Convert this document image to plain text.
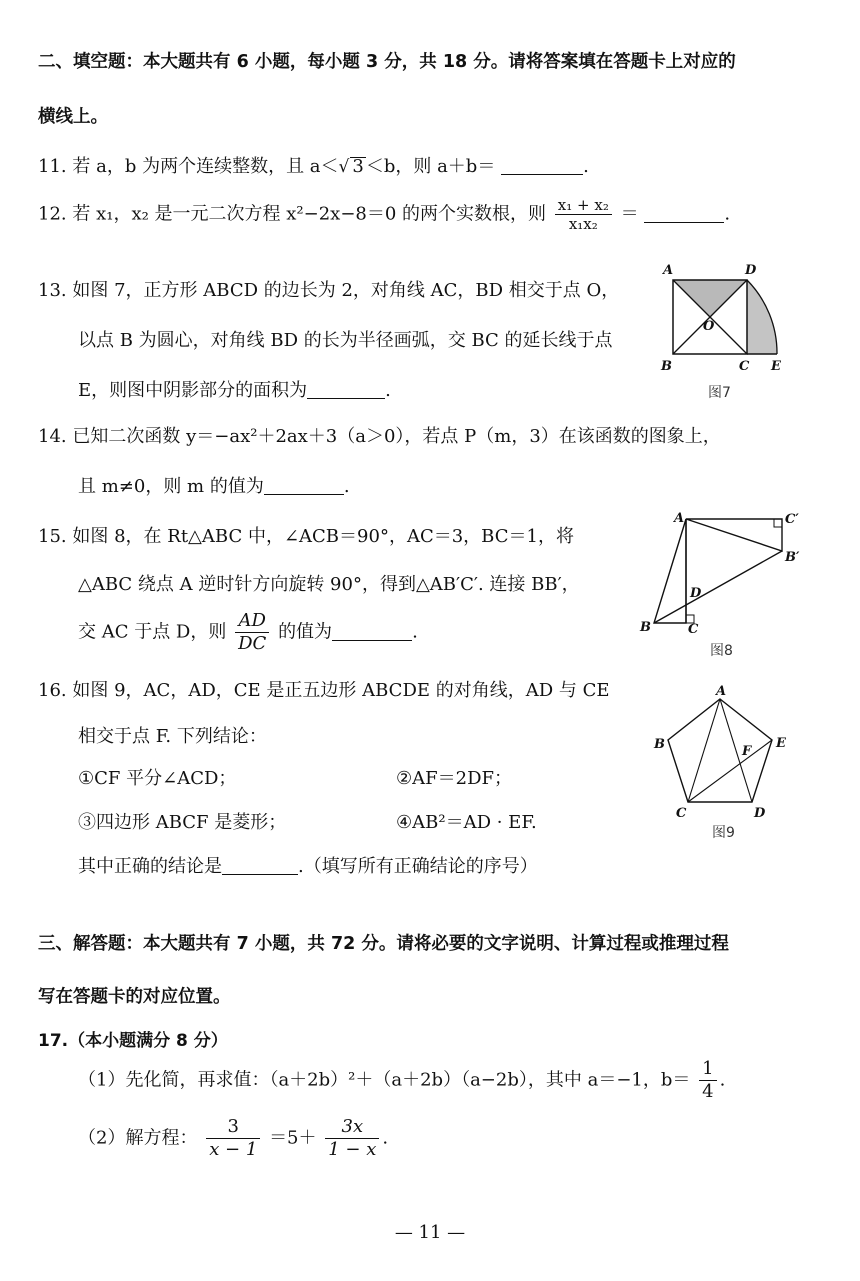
二、填空题：本大题共有 6 小题，每小题 3 分，共 18 分。请将答案填在答题卡上对应的
横线上。
11. 若 a，b 为两个连续整数，且 a＜√ 3 ＜b，则 a＋b＝	.
12. 若 x₁，x₂ 是一元二次方程 x²−2x−8＝0 的两个实数根，则 $\frac{\text{x₁ + x₂}}{\text{x₁x₂}}$ ＝	.
13. 如图 7，正方形 ABCD 的边长为 2，对角线 AC，BD 相交于点 O，
以点 B 为圆心，对角线 BD 的长为半径画弧，交 BC 的延长线于点
E，则图中阴影部分的面积为	.
A	D
O
B	C E
图7
14. 已知二次函数 y＝−ax²＋2ax＋3（a＞0），若点 P（m，3）在该函数的图象上，
且 m≠0，则 m 的值为	.
15. 如图 8，在 Rt△ABC 中，∠ACB＝90°，AC＝3，BC＝1，将
△ABC 绕点 A 逆时针方向旋转 90°，得到△AB′C′. 连接 BB′，
交 AC 于点 D，则 $\frac{AD}{DC}$ 的值为	.
A	C′
B′
D
B	C
图8
16. 如图 9，AC，AD，CE 是正五边形 ABCDE 的对角线，AD 与 CE
相交于点 F. 下列结论：
①CF 平分∠ACD；	②AF＝2DF；
③四边形 ABCF 是菱形；	④AB²＝AD · EF.
其中正确的结论是	.（填写所有正确结论的序号）
A
B	F
E
C	D
图9
三、解答题：本大题共有 7 小题，共 72 分。请将必要的文字说明、计算过程或推理过程
写在答题卡的对应位置。
17.（本小题满分 8 分）
（1）先化简，再求值：（a＋2b）²＋（a＋2b）（a−2b），其中 a＝−1，$b= \frac{1}{4}$ .
（2）解方程： $\frac{3}{x - 1} =5+ \frac{3x}{1 - x}$ .
— 11 —
